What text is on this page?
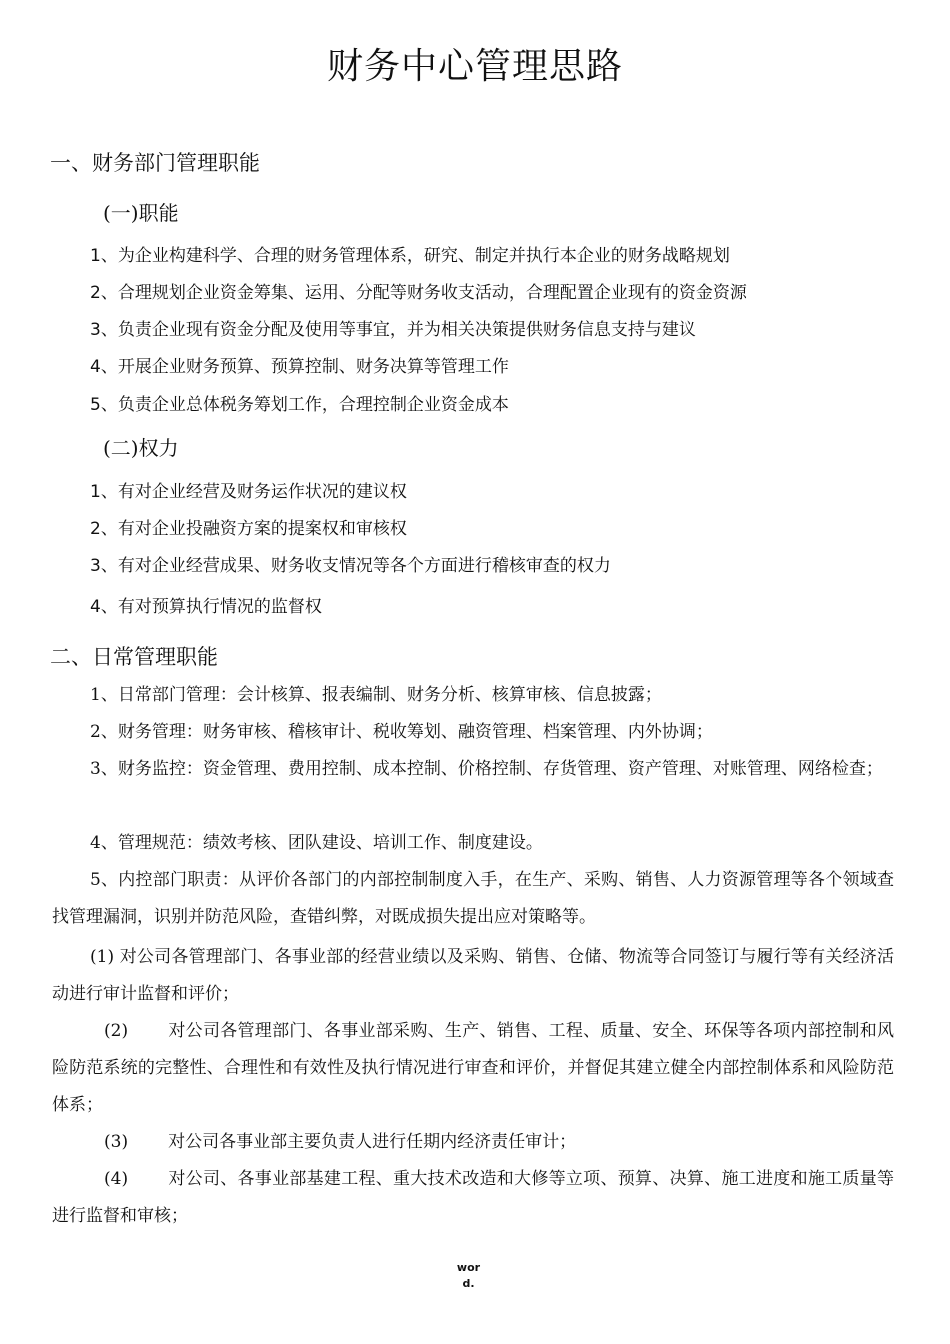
财务中心管理思路
一、财务部门管理职能
(一)职能
1、为企业构建科学、合理的财务管理体系，研究、制定并执行本企业的财务战略规划
2、合理规划企业资金筹集、运用、分配等财务收支活动，合理配置企业现有的资金资源
3、负责企业现有资金分配及使用等事宜，并为相关决策提供财务信息支持与建议
4、开展企业财务预算、预算控制、财务决算等管理工作
5、负责企业总体税务筹划工作，合理控制企业资金成本
(二)权力
1、有对企业经营及财务运作状况的建议权
2、有对企业投融资方案的提案权和审核权
3、有对企业经营成果、财务收支情况等各个方面进行稽核审查的权力
4、有对预算执行情况的监督权
二、日常管理职能
1、日常部门管理：会计核算、报表编制、财务分析、核算审核、信息披露；
2、财务管理：财务审核、稽核审计、税收筹划、融资管理、档案管理、内外协调；
3、财务监控：资金管理、费用控制、成本控制、价格控制、存货管理、资产管理、对账管理、网络检查；
4、管理规范：绩效考核、团队建设、培训工作、制度建设。
5、内控部门职责：从评价各部门的内部控制制度入手，在生产、采购、销售、人力资源管理等各个领域查找管理漏洞，识别并防范风险，查错纠弊，对既成损失提出应对策略等。
(1) 对公司各管理部门、各事业部的经营业绩以及采购、销售、仓储、物流等合同签订与履行等有关经济活动进行审计监督和评价；
(2) 对公司各管理部门、各事业部采购、生产、销售、工程、质量、安全、环保等各项内部控制和风险防范系统的完整性、合理性和有效性及执行情况进行审查和评价，并督促其建立健全内部控制体系和风险防范体系；
(3) 对公司各事业部主要负责人进行任期内经济责任审计；
(4) 对公司、各事业部基建工程、重大技术改造和大修等立项、预算、决算、施工进度和施工质量等进行监督和审核；
wor
d.
